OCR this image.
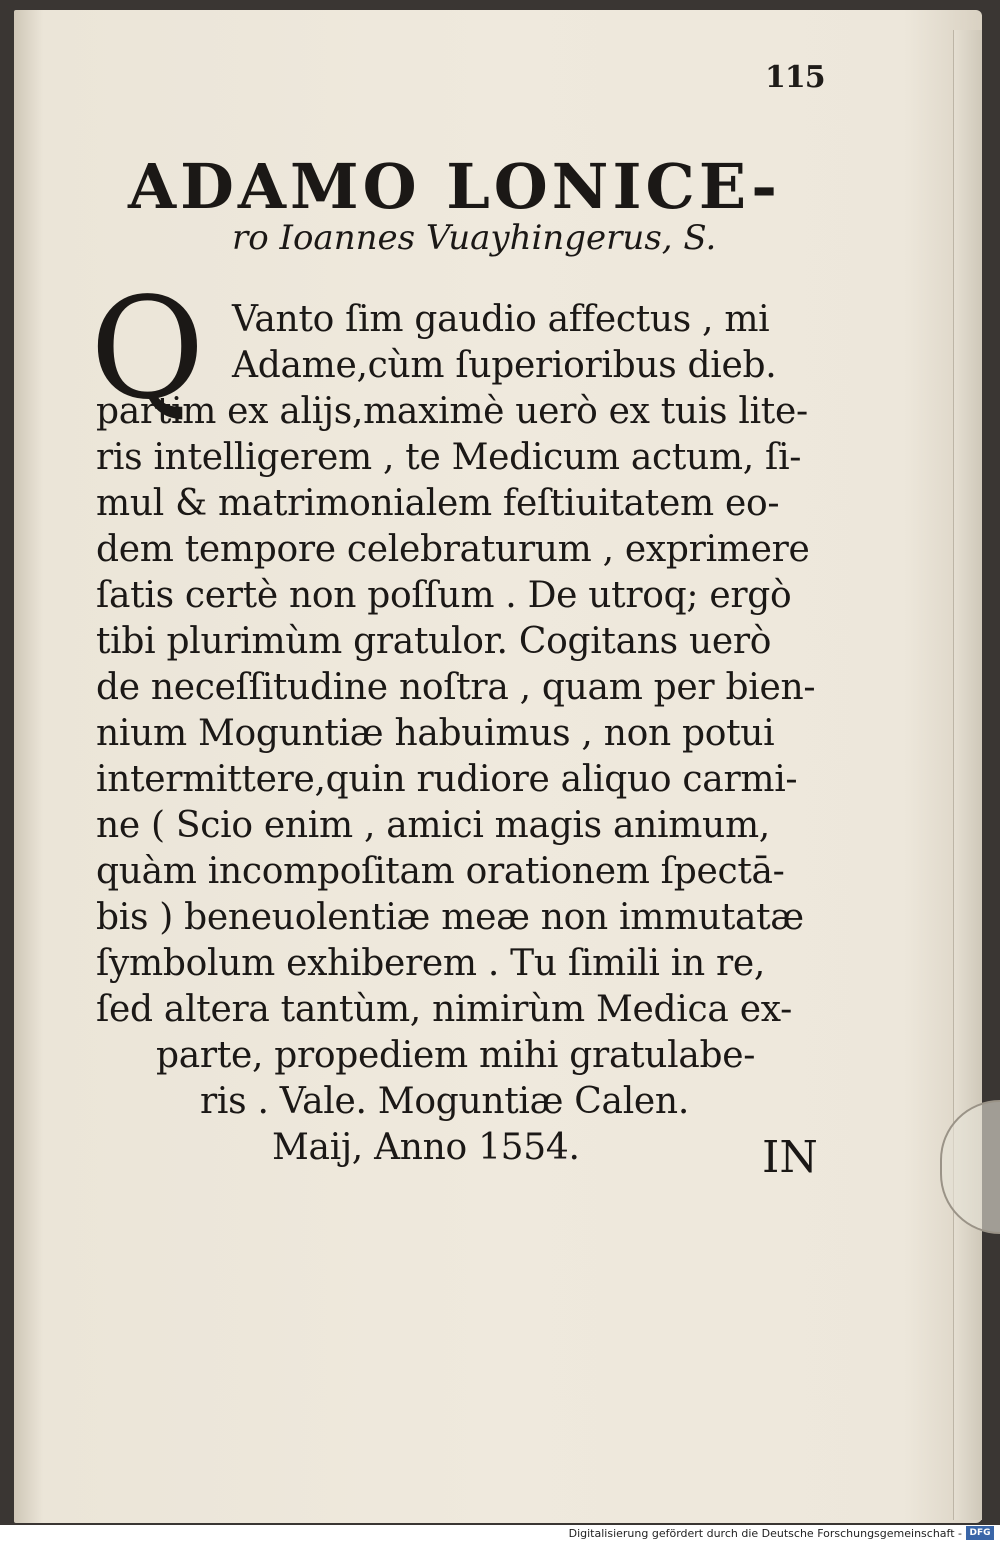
115
ADAMO LONICE-
ro Ioannes Vuayhingerus, S.
Q Vanto ſim gaudio affectus , mi
Adame,cùm ſuperioribus dieb.
partim ex alijs,maximè uerò ex tuis lite-
ris intelligerem , te Medicum actum, ſi-
mul & matrimonialem feſtiuitatem eo-
dem tempore celebraturum , exprimere
ſatis certè non poſſum . De utroq; ergò
tibi plurimùm gratulor. Cogitans uerò
de neceſſitudine noſtra , quam per bien-
nium Moguntiæ habuimus , non potui
intermittere,quin rudiore aliquo carmi-
ne ( Scio enim , amici magis animum,
quàm incompoſitam orationem ſpectā-
bis ) beneuolentiæ meæ non immutatæ
ſymbolum exhiberem . Tu ſimili in re,
ſed altera tantùm, nimirùm Medica ex-
parte, propediem mihi gratulabe-
ris . Vale. Moguntiæ Calen.
Maij, Anno 1554.	IN
Digitalisierung gefördert durch die Deutsche Forschungsgemeinschaft - DFG
